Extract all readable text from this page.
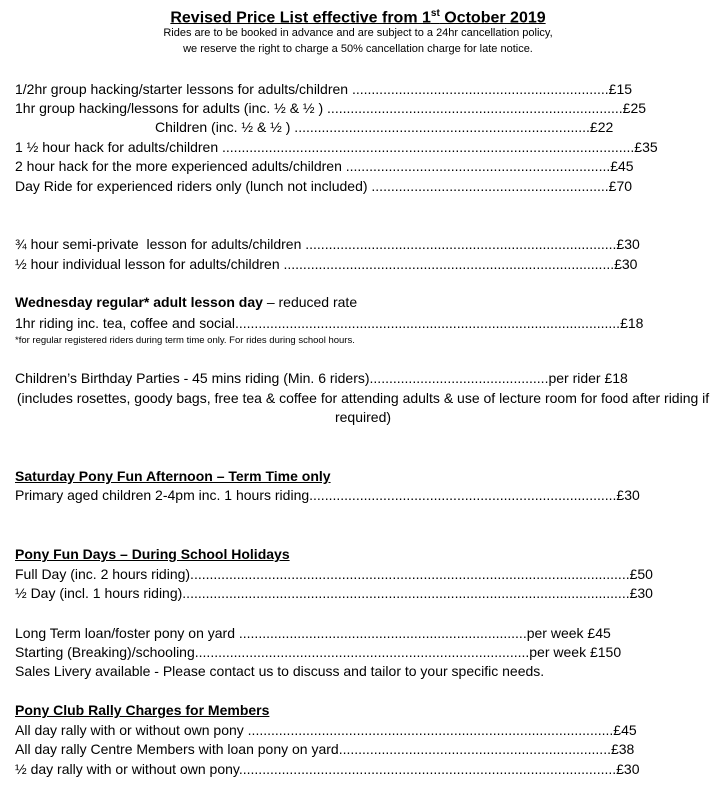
Revised Price List effective from 1st October 2019
Rides are to be booked in advance and are subject to a 24hr cancellation policy,
we reserve the right to charge a 50% cancellation charge for late notice.
1/2hr group hacking/starter lessons for adults/children ..................................................................£15
1hr group hacking/lessons for adults (inc. ½ & ½ ) ............................................................................£25
Children (inc. ½ & ½ ) ............................................................................£22
1 ½ hour hack for adults/children ..........................................................................................................£35
2 hour hack for the more experienced adults/children ....................................................................£45
Day Ride for experienced riders only (lunch not included) .............................................................£70
¾ hour semi-private  lesson for adults/children ................................................................................£30
½ hour individual lesson for adults/children .....................................................................................£30
Wednesday regular* adult lesson day – reduced rate
1hr riding inc. tea, coffee and social...................................................................................................£18
*for regular registered riders during term time only. For rides during school hours.
Children’s Birthday Parties - 45 mins riding (Min. 6 riders)..............................................per rider £18
(includes rosettes, goody bags, free tea & coffee for attending adults & use of lecture room for food after riding if required)
Saturday Pony Fun Afternoon – Term Time only
Primary aged children 2-4pm inc. 1 hours riding...............................................................................£30
Pony Fun Days – During School Holidays
Full Day (inc. 2 hours riding).................................................................................................................£50
½ Day (incl. 1 hours riding)...................................................................................................................£30
Long Term loan/foster pony on yard ..........................................................................per week £45
Starting (Breaking)/schooling......................................................................................per week £150
Sales Livery available - Please contact us to discuss and tailor to your specific needs.
Pony Club Rally Charges for Members
All day rally with or without own pony ..............................................................................................£45
All day rally Centre Members with loan pony on yard......................................................................£38
½ day rally with or without own pony.................................................................................................£30
